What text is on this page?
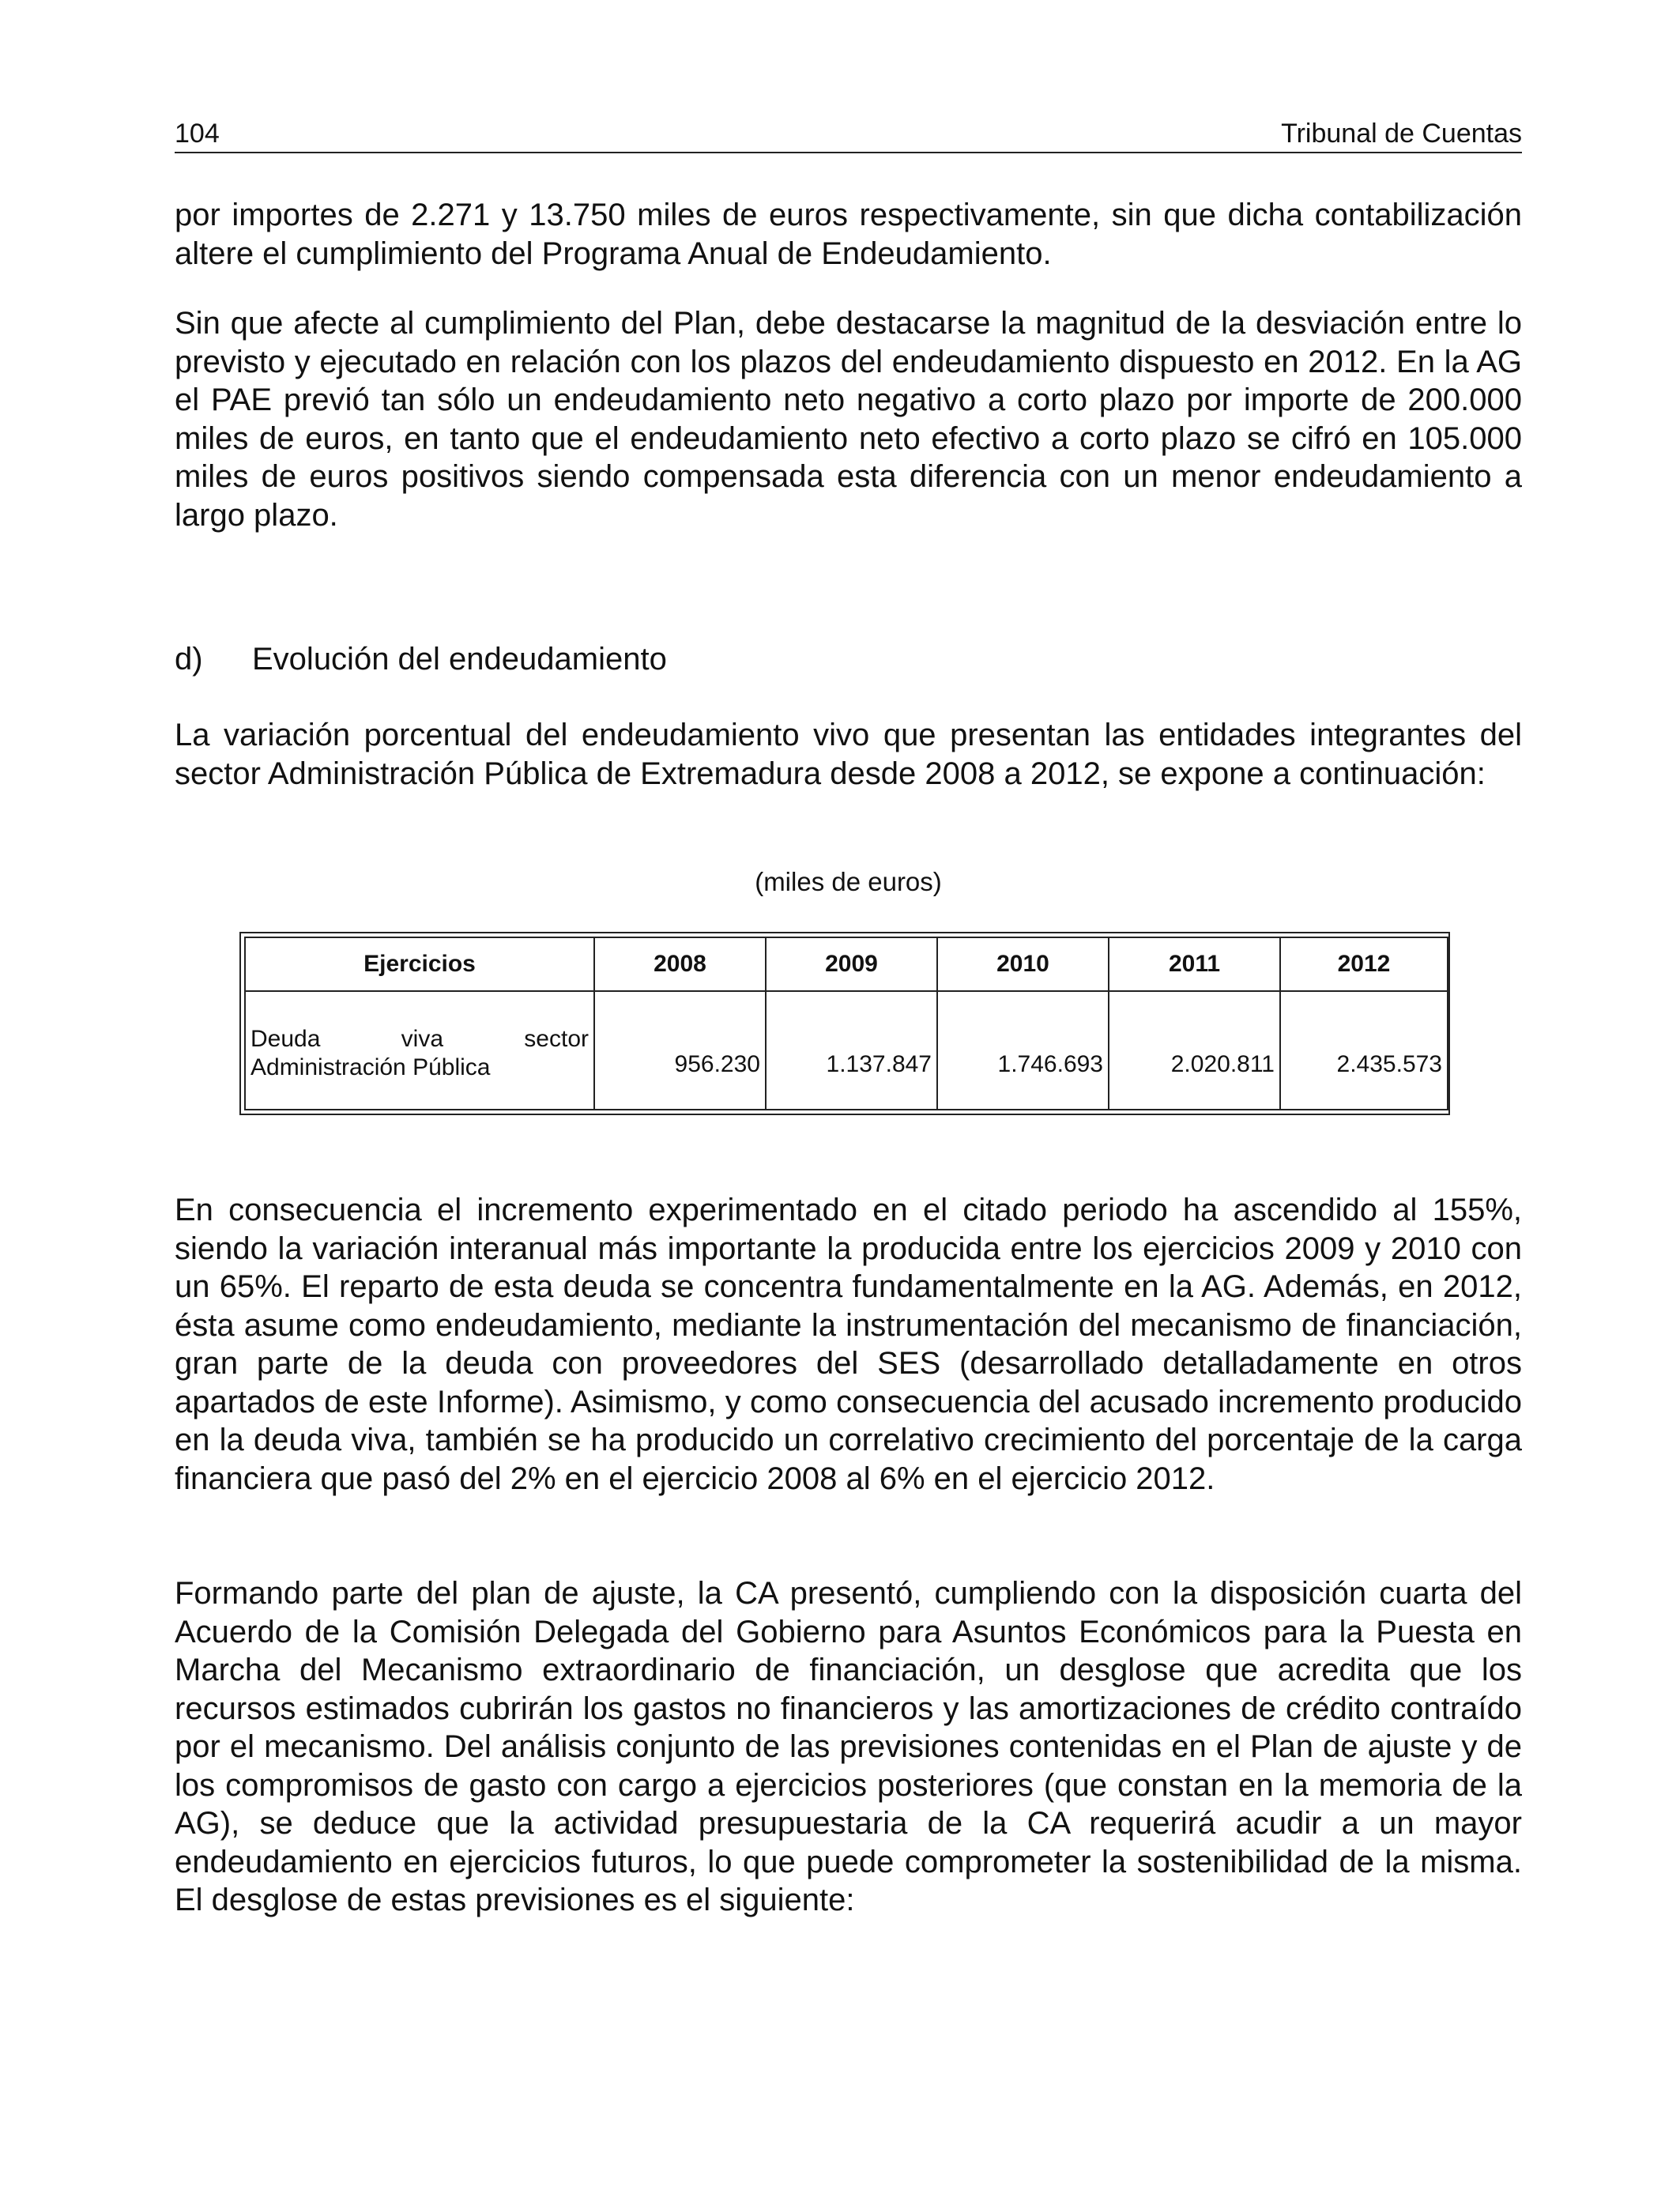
104	Tribunal de Cuentas

por importes de 2.271 y 13.750 miles de euros respectivamente, sin que dicha contabilización altere el cumplimiento del Programa Anual de Endeudamiento.

Sin que afecte al cumplimiento del Plan, debe destacarse la magnitud de la desviación entre lo previsto y ejecutado en relación con los plazos del endeudamiento dispuesto en 2012. En la AG el PAE previó tan sólo un endeudamiento neto negativo a corto plazo por importe de 200.000 miles de euros, en tanto que el endeudamiento neto efectivo a corto plazo se cifró en 105.000 miles de euros positivos siendo compensada esta diferencia con un menor endeudamiento a largo plazo.

d) Evolución del endeudamiento

La variación porcentual del endeudamiento vivo que presentan las entidades integrantes del sector Administración Pública de Extremadura desde 2008 a 2012, se expone a continuación:

(miles de euros)
Ejercicios	2008	2009	2010	2011	2012

Deuda viva sector
Administración Pública	956.230	1.137.847	1.746.693	2.020.811	2.435.573

En consecuencia el incremento experimentado en el citado periodo ha ascendido al 155%, siendo la variación interanual más importante la producida entre los ejercicios 2009 y 2010 con un 65%. El reparto de esta deuda se concentra fundamentalmente en la AG. Además, en 2012, ésta asume como endeudamiento, mediante la instrumentación del mecanismo de financiación, gran parte de la deuda con proveedores del SES (desarrollado detalladamente en otros apartados de este Informe). Asimismo, y como consecuencia del acusado incremento producido en la deuda viva, también se ha producido un correlativo crecimiento del porcentaje de la carga financiera que pasó del 2% en el ejercicio 2008 al 6% en el ejercicio 2012.

Formando parte del plan de ajuste, la CA presentó, cumpliendo con la disposición cuarta del Acuerdo de la Comisión Delegada del Gobierno para Asuntos Económicos para la Puesta en Marcha del Mecanismo extraordinario de financiación, un desglose que acredita que los recursos estimados cubrirán los gastos no financieros y las amortizaciones de crédito contraído por el mecanismo. Del análisis conjunto de las previsiones contenidas en el Plan de ajuste y de los compromisos de gasto con cargo a ejercicios posteriores (que constan en la memoria de la AG), se deduce que la actividad presupuestaria de la CA requerirá acudir a un mayor endeudamiento en ejercicios futuros, lo que puede comprometer la sostenibilidad de la misma. El desglose de estas previsiones es el siguiente:
